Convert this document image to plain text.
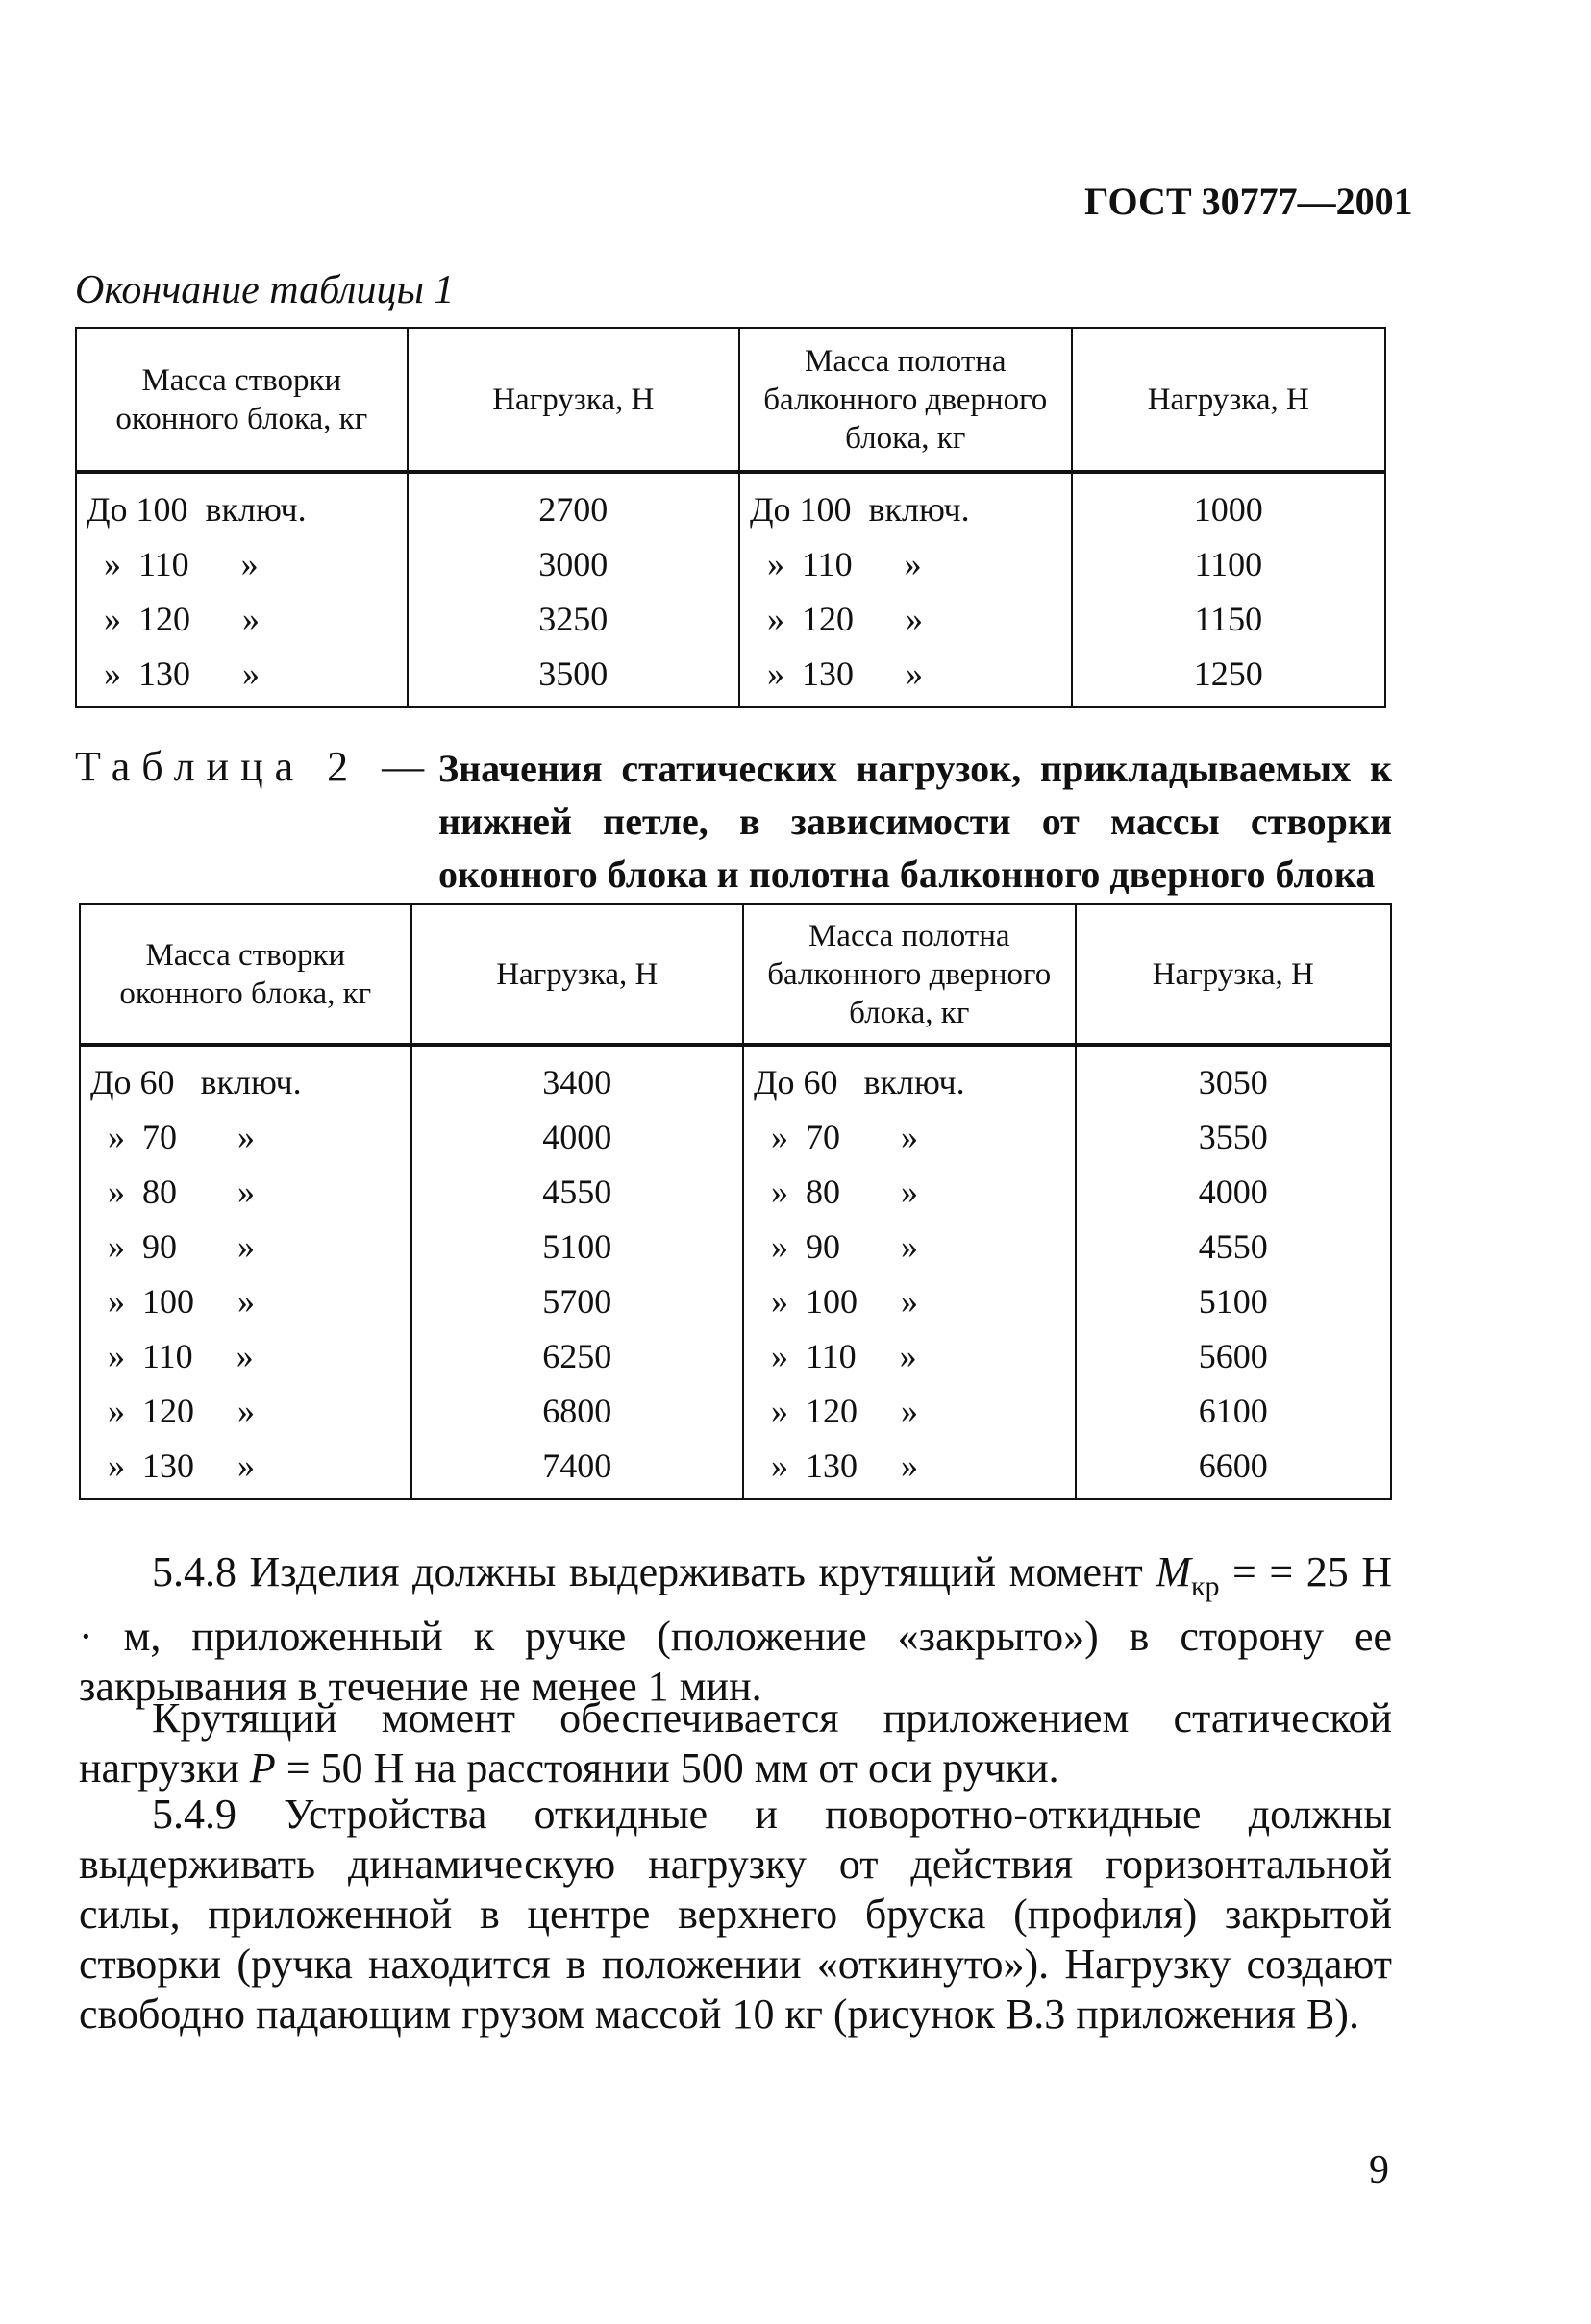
ГОСТ 30777—2001
Окончание таблицы 1
Масса створки оконного блока, кг	Нагрузка, Н	Масса полотна балконного дверного блока, кг	Нагрузка, Н
До 100  включ.	2700	До 100  включ.	1000
»  110      »	3000	»  110      »	1100
»  120      »	3250	»  120      »	1150
»  130      »	3500	»  130      »	1250
Таблица 2 — Значения статических нагрузок, прикладываемых к нижней петле, в зависимости от массы створки оконного блока и полотна балконного дверного блока
Масса створки оконного блока, кг	Нагрузка, Н	Масса полотна балконного дверного блока, кг	Нагрузка, Н
До 60   включ.	3400	До 60   включ.	3050
»  70       »	4000	»  70       »	3550
»  80       »	4550	»  80       »	4000
»  90       »	5100	»  90       »	4550
»  100     »	5700	»  100     »	5100
»  110     »	6250	»  110     »	5600
»  120     »	6800	»  120     »	6100
»  130     »	7400	»  130     »	6600

5.4.8 Изделия должны выдерживать крутящий момент $M_{кр}$ = = 25 Н · м, приложенный к ручке (положение «закрыто») в сторону ее закрывания в течение не менее 1 мин.

Крутящий момент обеспечивается приложением статической нагрузки P = 50 Н на расстоянии 500 мм от оси ручки.

5.4.9 Устройства откидные и поворотно-откидные должны выдерживать динамическую нагрузку от действия горизонтальной силы, приложенной в центре верхнего бруска (профиля) закрытой створки (ручка находится в положении «откинуто»). Нагрузку создают свободно падающим грузом массой 10 кг (рисунок В.3 приложения В).

9
